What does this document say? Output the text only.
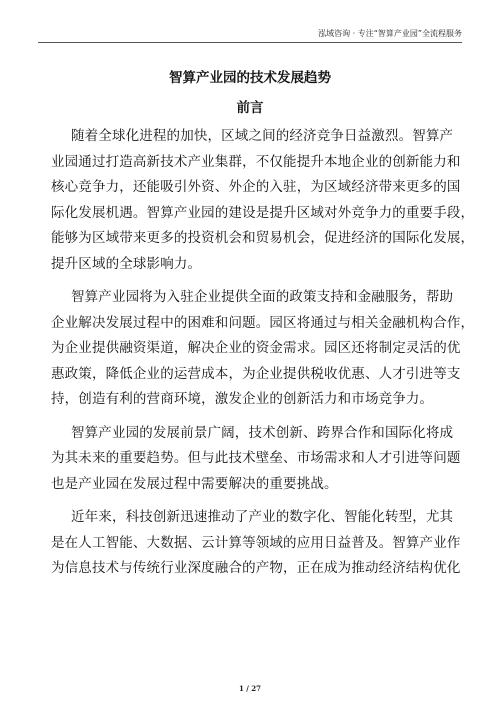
泓域咨询 · 专注“智算产业园”全流程服务
智算产业园的技术发展趋势
前言
随着全球化进程的加快，区域之间的经济竞争日益激烈。智算产
业园通过打造高新技术产业集群，不仅能提升本地企业的创新能力和
核心竞争力，还能吸引外资、外企的入驻，为区域经济带来更多的国
际化发展机遇。智算产业园的建设是提升区域对外竞争力的重要手段，
能够为区域带来更多的投资机会和贸易机会，促进经济的国际化发展，
提升区域的全球影响力。
智算产业园将为入驻企业提供全面的政策支持和金融服务，帮助
企业解决发展过程中的困难和问题。园区将通过与相关金融机构合作，
为企业提供融资渠道，解决企业的资金需求。园区还将制定灵活的优
惠政策，降低企业的运营成本，为企业提供税收优惠、人才引进等支
持，创造有利的营商环境，激发企业的创新活力和市场竞争力。
智算产业园的发展前景广阔，技术创新、跨界合作和国际化将成
为其未来的重要趋势。但与此技术壁垒、市场需求和人才引进等问题
也是产业园在发展过程中需要解决的重要挑战。
近年来，科技创新迅速推动了产业的数字化、智能化转型，尤其
是在人工智能、大数据、云计算等领域的应用日益普及。智算产业作
为信息技术与传统行业深度融合的产物，正在成为推动经济结构优化
1 / 27
